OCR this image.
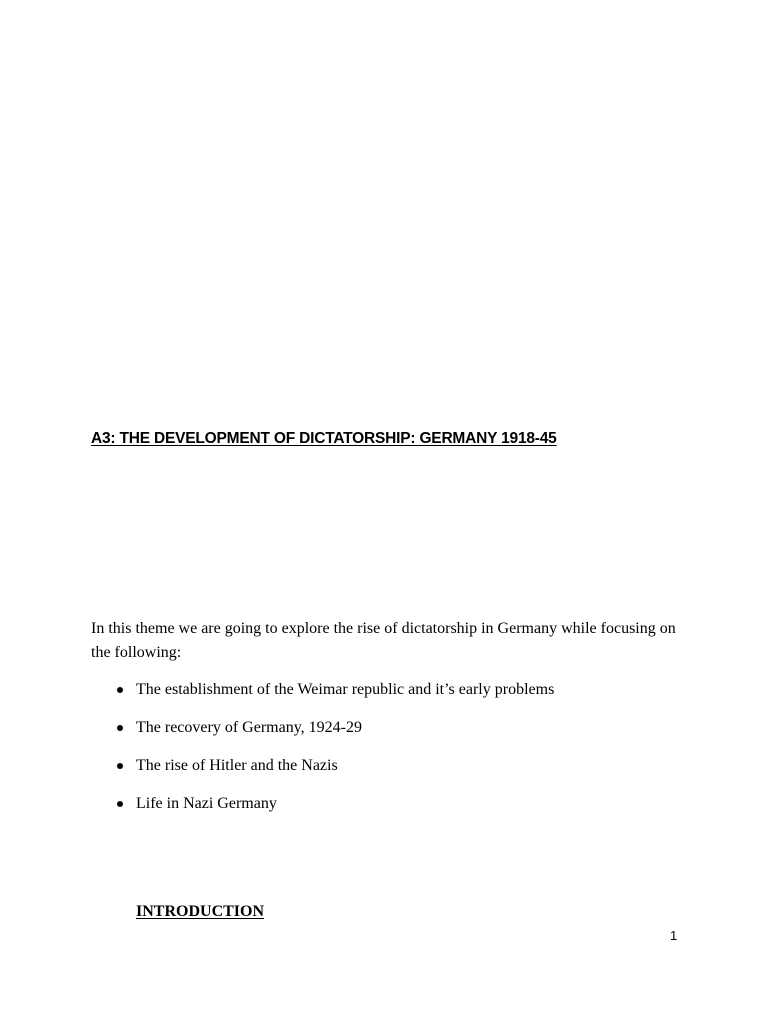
A3: THE DEVELOPMENT OF DICTATORSHIP: GERMANY 1918-45

In this theme we are going to explore the rise of dictatorship in Germany while focusing on the following:

The establishment of the Weimar republic and it’s early problems
The recovery of Germany, 1924-29
The rise of Hitler and the Nazis
Life in Nazi Germany
INTRODUCTION
1
